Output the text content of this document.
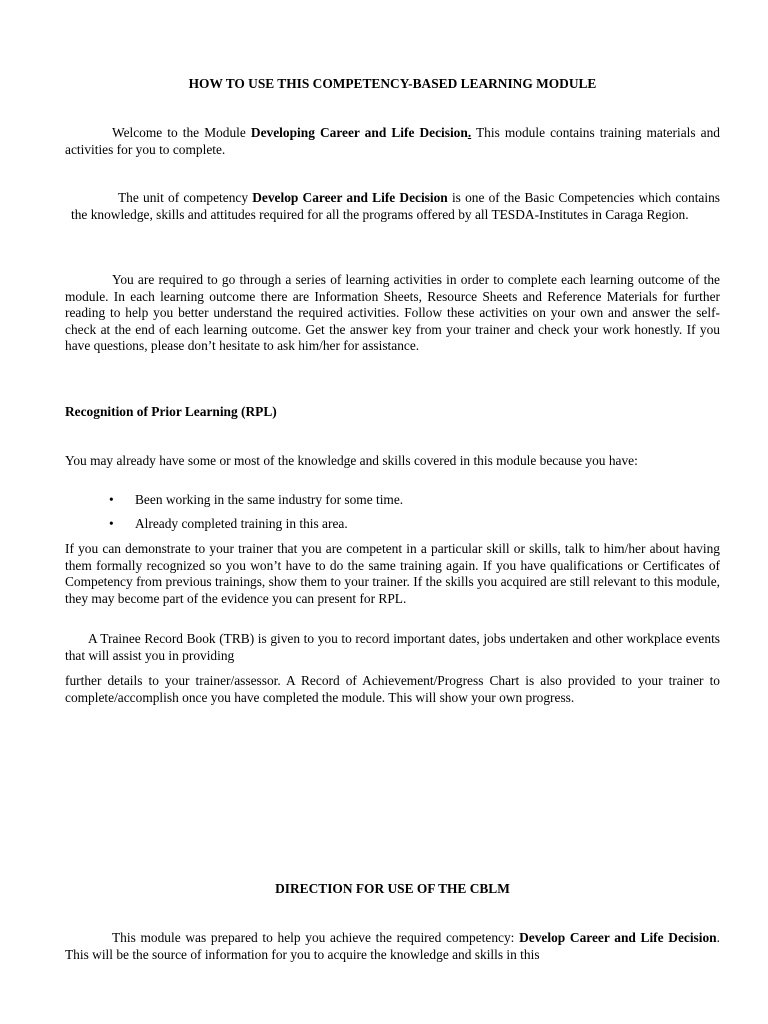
HOW TO USE THIS COMPETENCY-BASED LEARNING MODULE
Welcome to the Module Developing Career and Life Decision. This module contains training materials and activities for you to complete.
The unit of competency Develop Career and Life Decision is one of the Basic Competencies which contains the knowledge, skills and attitudes required for all the programs offered by all TESDA-Institutes in Caraga Region.
You are required to go through a series of learning activities in order to complete each learning outcome of the module. In each learning outcome there are Information Sheets, Resource Sheets and Reference Materials for further reading to help you better understand the required activities. Follow these activities on your own and answer the self-check at the end of each learning outcome. Get the answer key from your trainer and check your work honestly. If you have questions, please don’t hesitate to ask him/her for assistance.
Recognition of Prior Learning (RPL)
You may already have some or most of the knowledge and skills covered in this module because you have:
• Been working in the same industry for some time.
• Already completed training in this area.
If you can demonstrate to your trainer that you are competent in a particular skill or skills, talk to him/her about having them formally recognized so you won’t have to do the same training again. If you have qualifications or Certificates of Competency from previous trainings, show them to your trainer. If the skills you acquired are still relevant to this module, they may become part of the evidence you can present for RPL.
A Trainee Record Book (TRB) is given to you to record important dates, jobs undertaken and other workplace events that will assist you in providing
further details to your trainer/assessor. A Record of Achievement/Progress Chart is also provided to your trainer to complete/accomplish once you have completed the module. This will show your own progress.
DIRECTION FOR USE OF THE CBLM
This module was prepared to help you achieve the required competency: Develop Career and Life Decision. This will be the source of information for you to acquire the knowledge and skills in this
